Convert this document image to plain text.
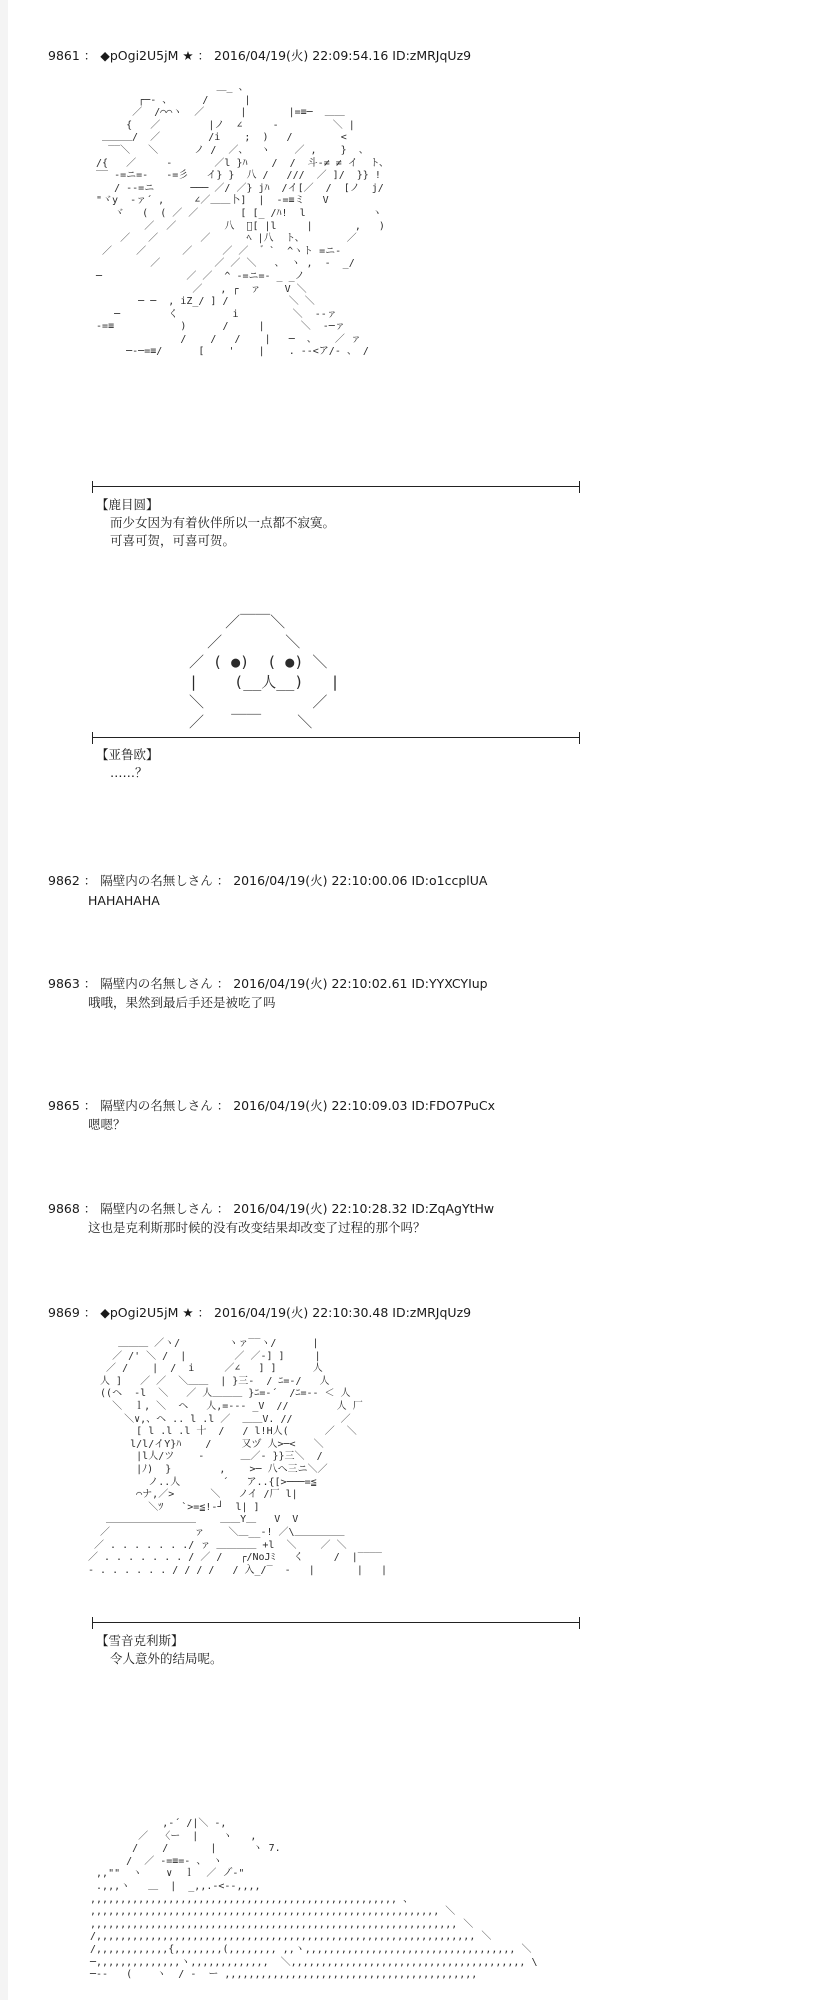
9861 ： ◆pOgi2U5jM ★ ： 2016/04/19(火) 22:09:54.16 ID:zMRJqUz9
＿_ 、
┌─‐ 、     /      |
／  /⌒⌒ヽ  ／      |       |=≡─  ＿＿
{   ／        |ノ  ∠     -         ＼ |
＿＿＿/  ／        /i    ;  )   /        <
‾‾＼   ＼      ノ /  ／、  ヽ    ／ ,    }  、
/{   ／     -       ／l }ﾊ    /  /  斗‐≠ ≠ イ  ト、
‾‾ ‐=ニ=-   -=彡   イ} }  八 /   ///  ／ ]/  }} !
/ -‐=ニ      ─── ／/ ／} jﾊ  /イ[／  /  [ノ  j/
"ヾy  ‐ァ´ ,     ∠／＿＿卜]  |  -=≡ミ   V
ヾ   (  ( ／ ／       [ [_ /ﾊ!  l           ヽ
／  ／        八  ゙[ |l     |       ,   )
／   ／       ／      ﾍ |八  ト、       ／
／    ／      ／     ／ ／   ゙ `  ^ヽト =ニ-
／         ／ ／ ＼   、 ヽ ,  -  _/
─              ／ ／  ^ ‐=ニ=‐ _ _ノ
／   , ┌  ァ    V ＼
─ ─  , iZ_/ ] /          ＼ ＼
─        く         i         ＼  ‐‐ァ
‐=≡           )      /     |      ＼  ‐─ァ
/    /   /    |   ─  、   ／ ァ
─‐─=≡/      [    '    |    . ‐‐<ア/‐ 、 /
【鹿目圆】
而少女因为有着伙伴所以一点都不寂寞。
可喜可贺，可喜可贺。
／￣￣＼
／       ＼
／ ( ●)  ( ●) ＼
|    (__人__)   |
＼            ／
／   ￣￣    ＼
【亚鲁欧】
……？
9862 ： 隔壁内の名無しさん ： 2016/04/19(火) 22:10:00.06 ID:o1ccplUA
HAHAHAHA
9863 ： 隔壁内の名無しさん ： 2016/04/19(火) 22:10:02.61 ID:YYXCYIup
哦哦，果然到最后手还是被吃了吗
9865 ： 隔壁内の名無しさん ： 2016/04/19(火) 22:10:09.03 ID:FDO7PuCx
嗯嗯？
9868 ： 隔壁内の名無しさん ： 2016/04/19(火) 22:10:28.32 ID:ZqAgYtHw
这也是克利斯那时候的没有改变结果却改变了过程的那个吗？
9869 ： ◆pOgi2U5jM ★ ： 2016/04/19(火) 22:10:30.48 ID:zMRJqUz9
＿＿＿ ／ヽ/        ヽァ‾‾ヽ/      |
／ /' ＼ /  |        ／ ／‐] ]     |
／ /    |  /  i     ／∠   ] ]      人
人 ]   ／ ／  ＼＿＿  | }三-  / ﾆ=‐/   人
((ヘ  ‐l  ＼   ／ 人＿＿＿ }ﾆ=‐´  /ﾆ=‐- ＜ 人
＼  ｌ, ＼  ヘ   人,=‐‐‐ _V  //        人 厂
＼∨,、ヘ .. l .l ／  ＿＿V. //        ／
[ l .l .l 十  /   / l!H人(      ／  ＼
l/l/イY}ﾊ    /     又ヅ 人>─<   ＼
|l人/ツ    ‐      ＿／‐ }}三＼  /
|ﾉ)  }        ,    >─ 八へ三ニ＼／
ノ..人       ´   ア..{[>───=≦
⌒ナ,／>      ＼   ノイ /厂 l|
＼ﾂ   `>=≦!‐┘  l| ]
＿＿＿＿＿＿＿＿＿    ＿＿Y＿   V  V
／              ァ    ＼＿__‐! ／\＿＿＿＿＿
／ . . . . . . ./ ァ ＿＿＿＿ +l  ＼    ／ ＼
／ . . . . . . . / ／ /   ┌/NoJﾐ   く     /  |‾‾‾‾
‐ . . . . . . / / / /   / 入_/‾  ‐   |       |   |
【雪音克利斯】
令人意外的结局呢。
,‐´ /|＼ ‐,
／  〈ー  |    ヽ   ,
/    /       |      ヽ 7.
/  ／ ‐=≡=‐ 、 ヽ
,,""  ヽ    ∨  ｌ  ／ ノ゙‐"
.,,,ヽ   ＿  |  _,,.‐<‐‐,,,,
,,,,,,,,,,,,,,,,,,,,,,,,,,,,,,,,,,,,,,,,,,,,,,,,,,, 、
,,,,,,,,,,,,,,,,,,,,,,,,,,,,,,,,,,,,,,,,,,,,,,,,,,,,,,,,,, ＼
,,,,,,,,,,,,,,,,,,,,,,,,,,,,,,,,,,,,,,,,,,,,,,,,,,,,,,,,,,,,, ＼
/,,,,,,,,,,,,,,,,,,,,,,,,,,,,,,,,,,,,,,,,,,,,,,,,,,,,,,,,,,,,,,, ＼
/,,,,,,,,,,,,{,,,,,,,,(,,,,,,,, ,,ヽ,,,,,,,,,,,,,,,,,,,,,,,,,,,,,,,,,,, ＼
─,,,,,,,,,,,,,,ヽ,,,,,,,,,,,,,  ＼,,,,,,,,,,,,,,,,,,,,,,,,,,,,,,,,,,,,,,, \
─‐‐   (    ヽ  / ‐  ー ,,,,,,,,,,,,,,,,,,,,,,,,,,,,,,,,,,,,,,,,,,
